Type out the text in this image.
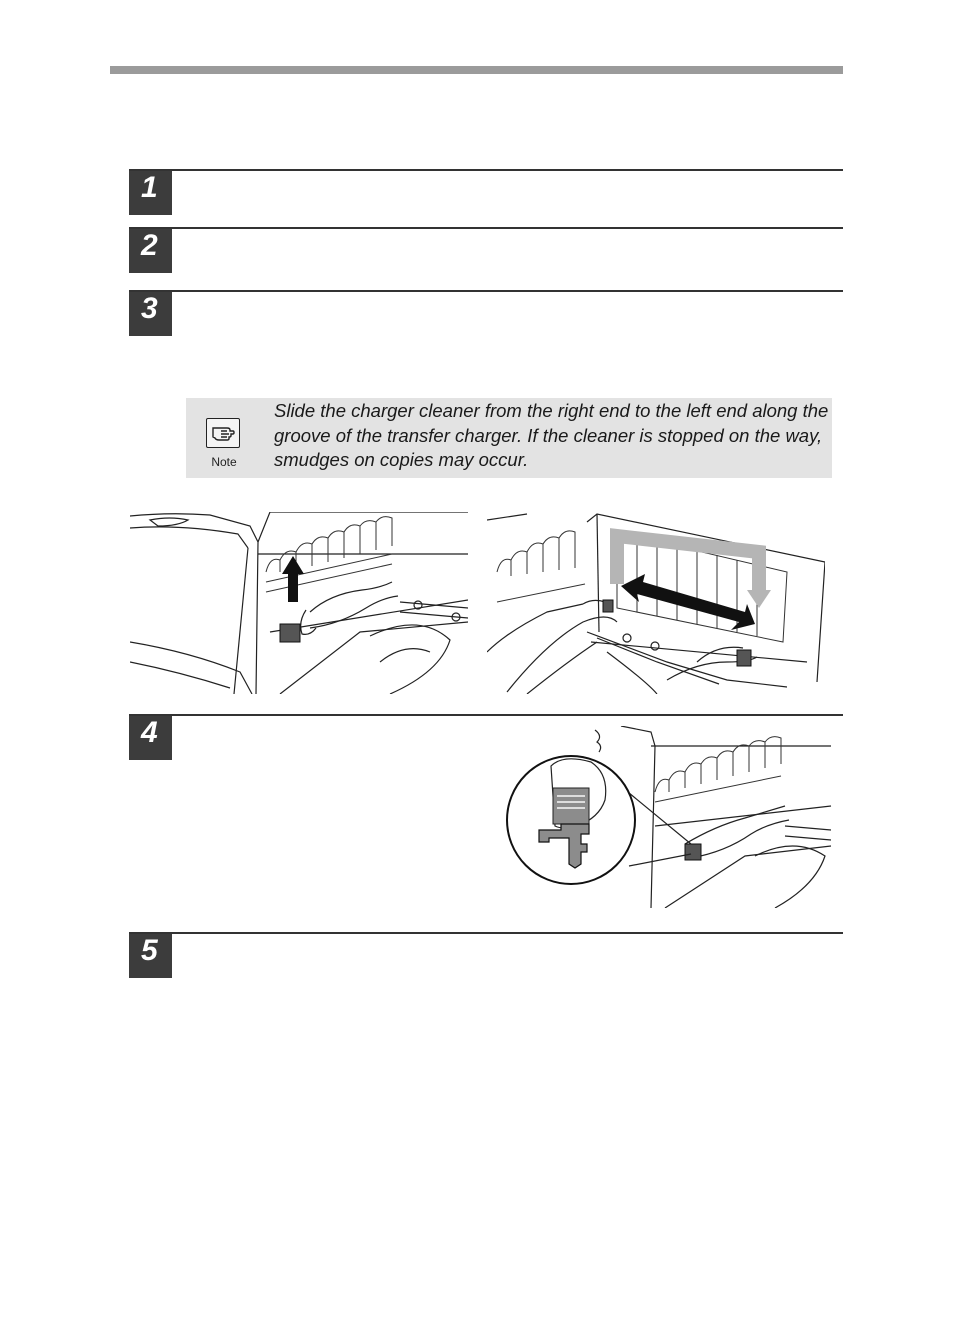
1
2
3
Note
Slide the charger cleaner from the right end to the left end along the groove of the transfer charger. If the cleaner is stopped on the way, smudges on copies may occur.
4
5
